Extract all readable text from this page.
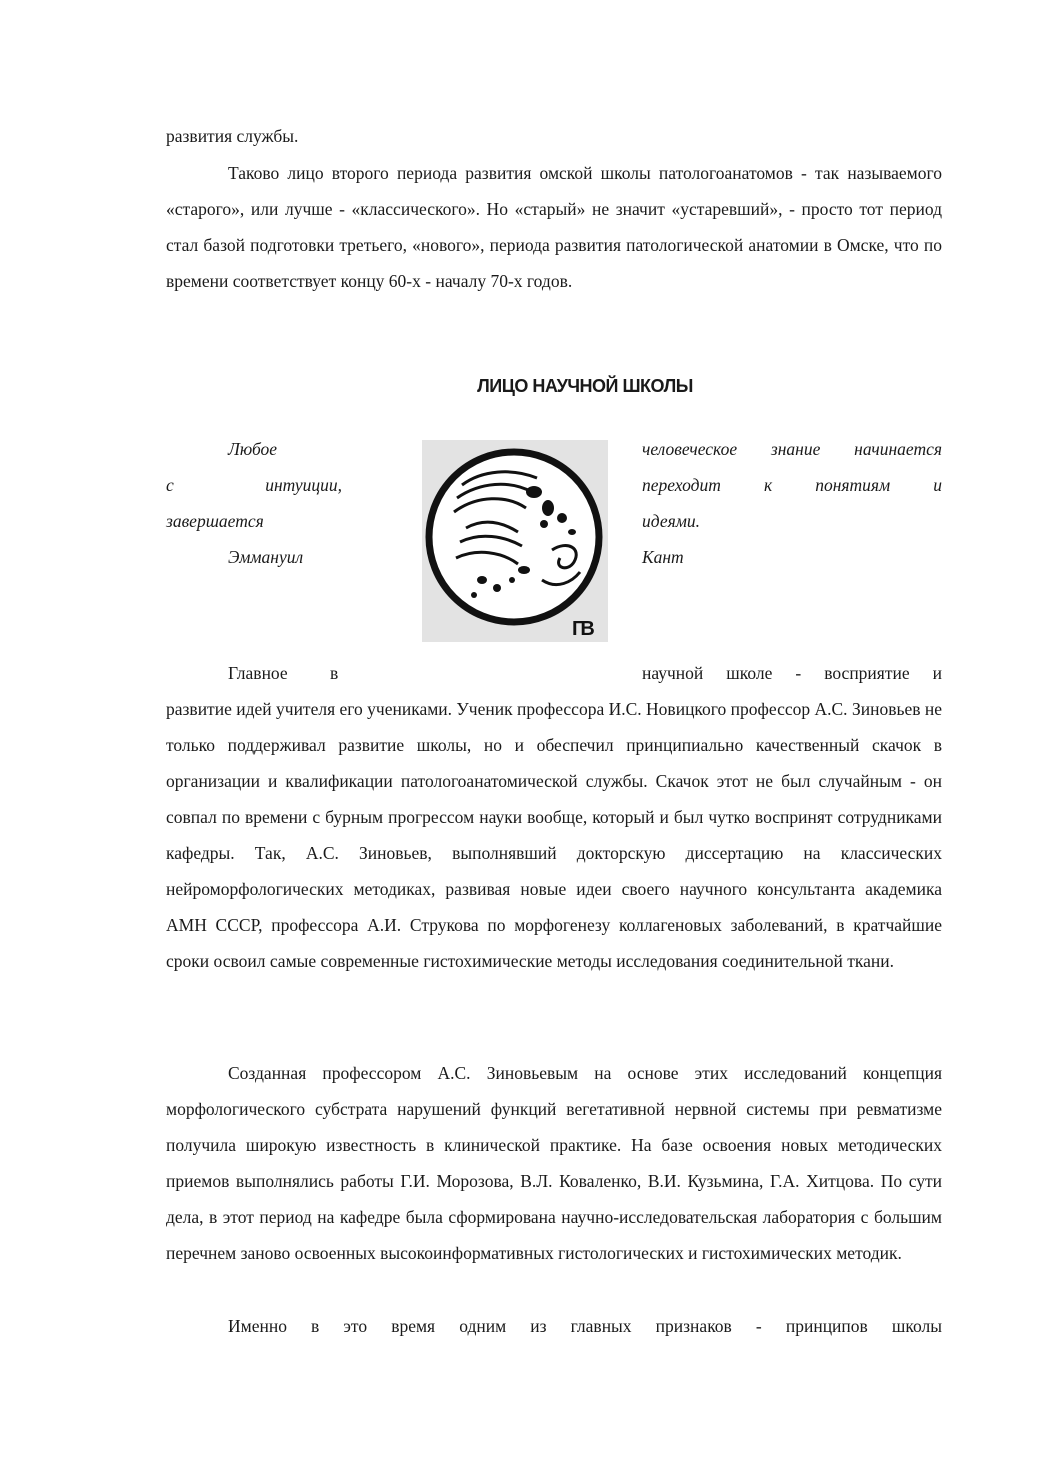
развития службы.
Таково лицо второго периода развития омской школы патологоанатомов - так называемого «старого», или лучше - «классического». Но «старый» не значит «устаревший», - просто тот период стал базой подготовки третьего, «нового», периода развития патологической анатомии в Омске, что по времени соответствует концу 60-х - началу 70-х годов.
ЛИЦО НАУЧНОЙ ШКОЛЫ
Любое
с	интуиции,
завершается
Эммануил
человеческое знание начинается
переходит к понятиям и
идеями.
Кант
ГВ
Главное в	научной школе - восприятие и
развитие идей учителя его учениками. Ученик профессора И.С. Новицкого профессор А.С. Зиновьев не только поддерживал развитие школы, но и обеспечил принципиально качественный скачок в организации и квалификации патологоанатомической службы. Скачок этот не был случайным - он совпал по времени с бурным прогрессом науки вообще, который и был чутко воспринят сотрудниками кафедры. Так, А.С. Зиновьев, выполнявший докторскую диссертацию на классических нейроморфологических методиках, развивая новые идеи своего научного консультанта академика АМН СССР, профессора А.И. Струкова по морфогенезу коллагеновых заболеваний, в кратчайшие сроки освоил самые современные гистохимические методы исследования соединительной ткани.
Созданная профессором А.С. Зиновьевым на основе этих исследований концепция морфологического субстрата нарушений функций вегетативной нервной системы при ревматизме получила широкую известность в клинической практике. На базе освоения новых методических приемов выполнялись работы Г.И. Морозова, В.Л. Коваленко, В.И. Кузьмина, Г.А. Хитцова. По сути дела, в этот период на кафедре была сформирована научно-исследовательская лаборатория с большим перечнем заново освоенных высокоинформативных гистологических и гистохимических методик.
Именно в это время одним из главных признаков - принципов школы
